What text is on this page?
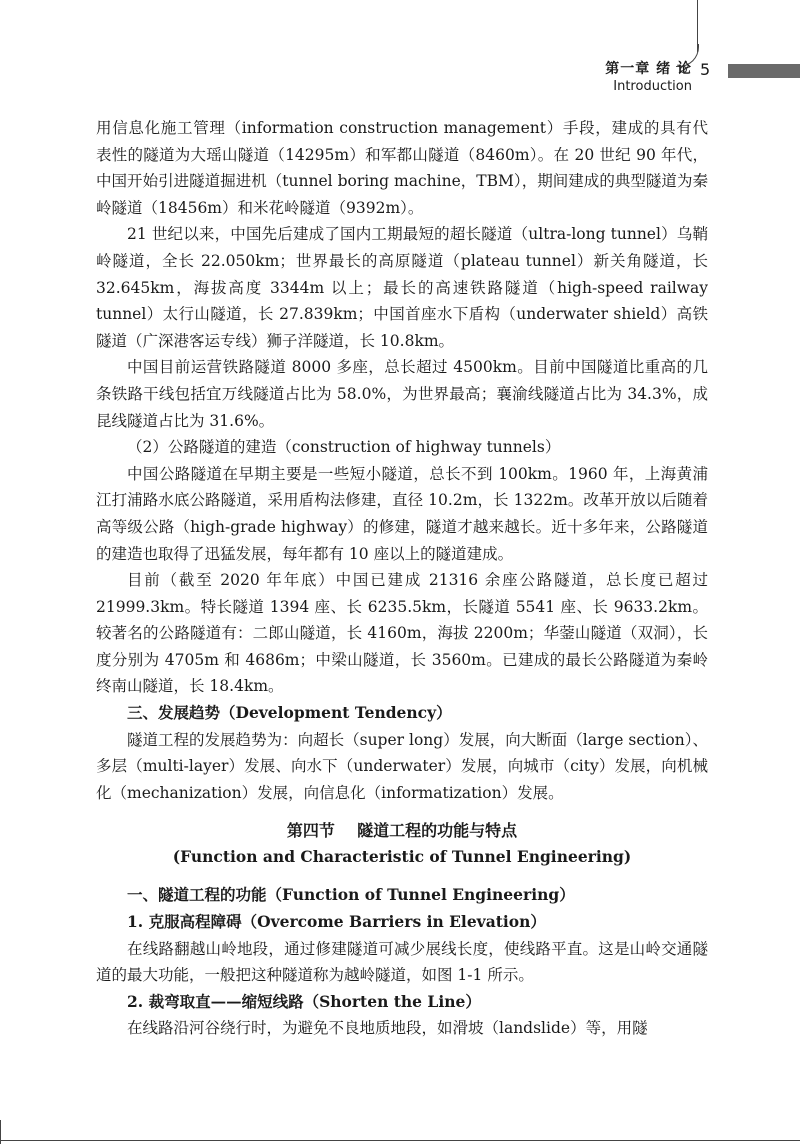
第一章 绪 论
Introduction
5

用信息化施工管理（information construction management）手段，建成的具有代表性的隧道为大瑶山隧道（14295m）和军都山隧道（8460m）。在 20 世纪 90 年代，中国开始引进隧道掘进机（tunnel boring machine，TBM），期间建成的典型隧道为秦岭隧道（18456m）和米花岭隧道（9392m）。

21 世纪以来，中国先后建成了国内工期最短的超长隧道（ultra-long tunnel）乌鞘岭隧道，全长 22.050km；世界最长的高原隧道（plateau tunnel）新关角隧道，长 32.645km，海拔高度 3344m 以上；最长的高速铁路隧道（high-speed railway tunnel）太行山隧道，长 27.839km；中国首座水下盾构（underwater shield）高铁隧道（广深港客运专线）狮子洋隧道，长 10.8km。

中国目前运营铁路隧道 8000 多座，总长超过 4500km。目前中国隧道比重高的几条铁路干线包括宜万线隧道占比为 58.0%，为世界最高；襄渝线隧道占比为 34.3%，成昆线隧道占比为 31.6%。

（2）公路隧道的建造（construction of highway tunnels）

中国公路隧道在早期主要是一些短小隧道，总长不到 100km。1960 年，上海黄浦江打浦路水底公路隧道，采用盾构法修建，直径 10.2m，长 1322m。改革开放以后随着高等级公路（high-grade highway）的修建，隧道才越来越长。近十多年来，公路隧道的建造也取得了迅猛发展，每年都有 10 座以上的隧道建成。

目前（截至 2020 年年底）中国已建成 21316 余座公路隧道，总长度已超过 21999.3km。特长隧道 1394 座、长 6235.5km，长隧道 5541 座、长 9633.2km。较著名的公路隧道有：二郎山隧道，长 4160m，海拔 2200m；华蓥山隧道（双洞），长度分别为 4705m 和 4686m；中梁山隧道，长 3560m。已建成的最长公路隧道为秦岭终南山隧道，长 18.4km。

三、发展趋势（Development Tendency）

隧道工程的发展趋势为：向超长（super long）发展，向大断面（large section）、多层（multi-layer）发展、向水下（underwater）发展，向城市（city）发展，向机械化（mechanization）发展，向信息化（informatization）发展。

第四节    隧道工程的功能与特点
(Function and Characteristic of Tunnel Engineering)

一、隧道工程的功能（Function of Tunnel Engineering）

1. 克服高程障碍（Overcome Barriers in Elevation）

在线路翻越山岭地段，通过修建隧道可减少展线长度，使线路平直。这是山岭交通隧道的最大功能，一般把这种隧道称为越岭隧道，如图 1-1 所示。

2. 裁弯取直——缩短线路（Shorten the Line）

在线路沿河谷绕行时，为避免不良地质地段，如滑坡（landslide）等，用隧
